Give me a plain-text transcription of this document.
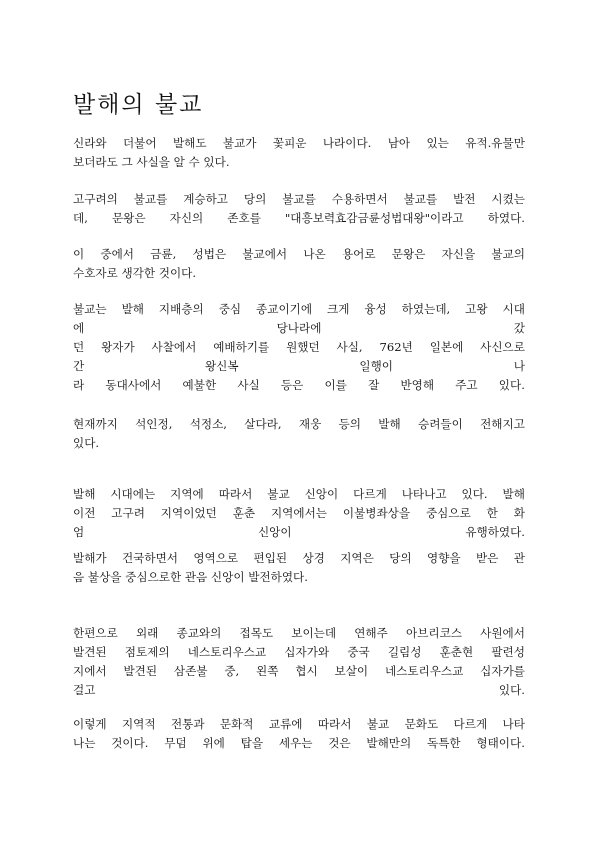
발해의 불교

신라와 더불어 발해도 불교가 꽃피운 나라이다. 남아 있는 유적.유물만
보더라도 그 사실을 알 수 있다.

고구려의 불교를 계승하고 당의 불교를 수용하면서 불교를 발전 시켰는
데, 문왕은 자신의 존호를 "대흥보력효감금륜성법대왕"이라고 하였다.

이 중에서 금륜, 성법은 불교에서 나온 용어로 문왕은 자신을 불교의
수호자로 생각한 것이다.

불교는 발해 지배층의 중심 종교이기에 크게 융성 하였는데, 고왕 시대
에	당나라에	갔
던 왕자가 사찰에서 예배하기를 원했던 사실, 762년 일본에 사신으로
간	왕신복	일행이	나
라 동대사에서 예불한 사실 등은 이를 잘 반영해 주고 있다.

현재까지 석인정, 석정소, 살다라, 재웅 등의 발해 승려들이 전해지고
있다.

발해 시대에는 지역에 따라서 불교 신앙이 다르게 나타나고 있다. 발해
이전 고구려 지역이었던 훈춘 지역에서는 이불병좌상을 중심으로 한 화
엄	신앙이	유행하였다.

발해가 건국하면서 영역으로 편입된 상경 지역은 당의 영향을 받은 관
음 불상을 중심으로한 관음 신앙이 발전하였다.

한편으로 외래 종교와의 접목도 보이는데 연해주 아브리코스 사원에서
발견된 점토제의 네스토리우스교 십자가와 중국 길림성 훈춘현 팔련성
지에서 발견된 삼존불 중, 왼쪽 협시 보살이 네스토리우스교 십자가를
걸고	있다.

이렇게 지역적 전통과 문화적 교류에 따라서 불교 문화도 다르게 나타
나는 것이다. 무덤 위에 탑을 세우는 것은 발해만의 독특한 형태이다.
